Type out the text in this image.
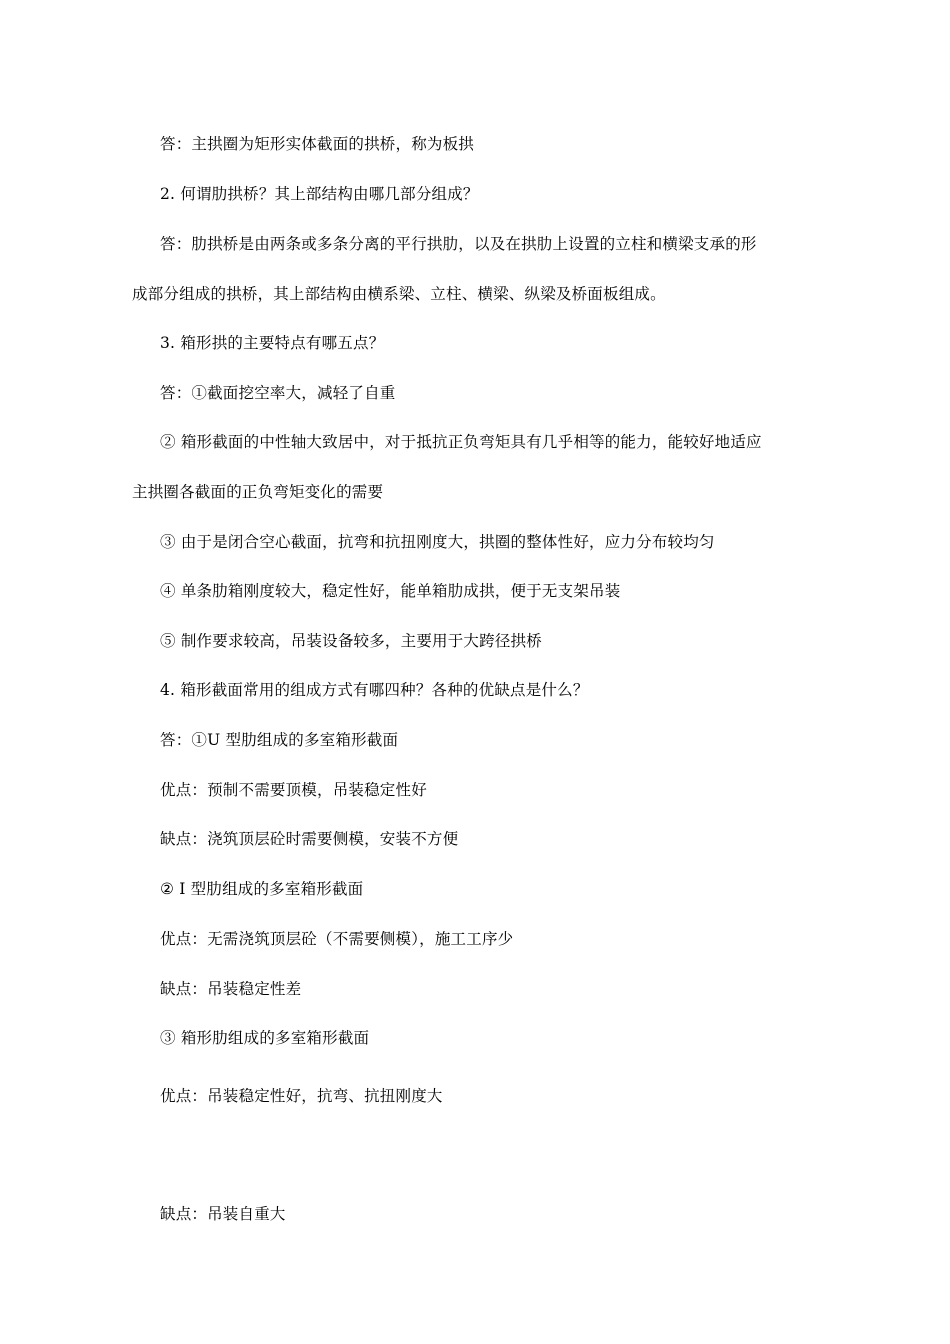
答：主拱圈为矩形实体截面的拱桥，称为板拱
2. 何谓肋拱桥？其上部结构由哪几部分组成？
答：肋拱桥是由两条或多条分离的平行拱肋，以及在拱肋上设置的立柱和横梁支承的形
成部分组成的拱桥，其上部结构由横系梁、立柱、横梁、纵梁及桥面板组成。
3. 箱形拱的主要特点有哪五点？
答：①截面挖空率大，减轻了自重
② 箱形截面的中性轴大致居中，对于抵抗正负弯矩具有几乎相等的能力，能较好地适应
主拱圈各截面的正负弯矩变化的需要
③ 由于是闭合空心截面，抗弯和抗扭刚度大，拱圈的整体性好，应力分布较均匀
④ 单条肋箱刚度较大，稳定性好，能单箱肋成拱，便于无支架吊装
⑤ 制作要求较高，吊装设备较多，主要用于大跨径拱桥
4. 箱形截面常用的组成方式有哪四种？各种的优缺点是什么？
答：①U 型肋组成的多室箱形截面
优点：预制不需要顶模，吊装稳定性好
缺点：浇筑顶层砼时需要侧模，安装不方便
② I 型肋组成的多室箱形截面
优点：无需浇筑顶层砼（不需要侧模），施工工序少
缺点：吊装稳定性差
③ 箱形肋组成的多室箱形截面
优点：吊装稳定性好，抗弯、抗扭刚度大
缺点：吊装自重大
